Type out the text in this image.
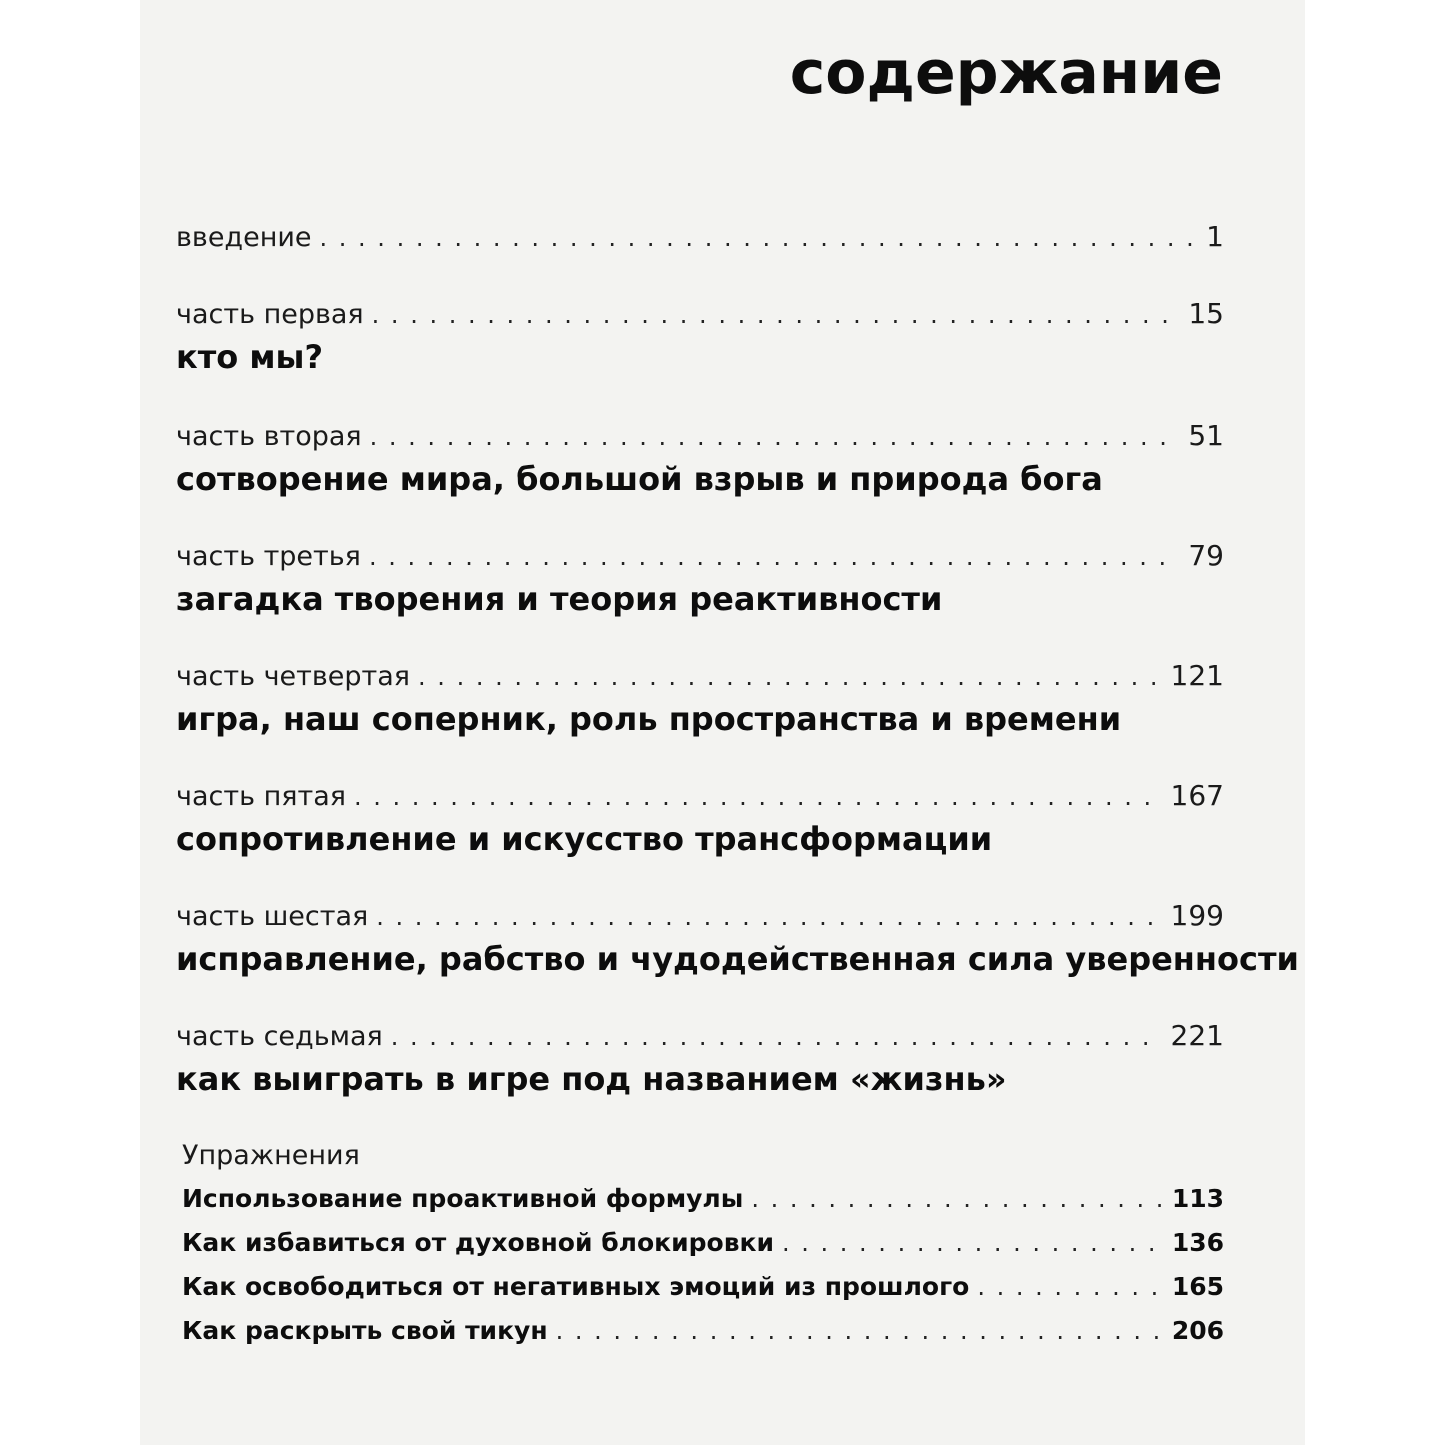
содержание
введение . . .	1
часть первая . . .	15
кто мы?
часть вторая . . .	51
сотворение мира, большой взрыв и природа бога
часть третья . . .	79
загадка творения и теория реактивности
часть четвертая . . .	121
игра, наш соперник, роль пространства и времени
часть пятая . . .	167
сопротивление и искусство трансформации
часть шестая . . .	199
исправление, рабство и чудодейственная сила уверенности
часть седьмая . . .	221
как выиграть в игре под названием «жизнь»
Упражнения
Использование проактивной формулы . . .	113
Как избавиться от духовной блокировки . . .	136
Как освободиться от негативных эмоций из прошлого . . .	165
Как раскрыть свой тикун . . .	206
